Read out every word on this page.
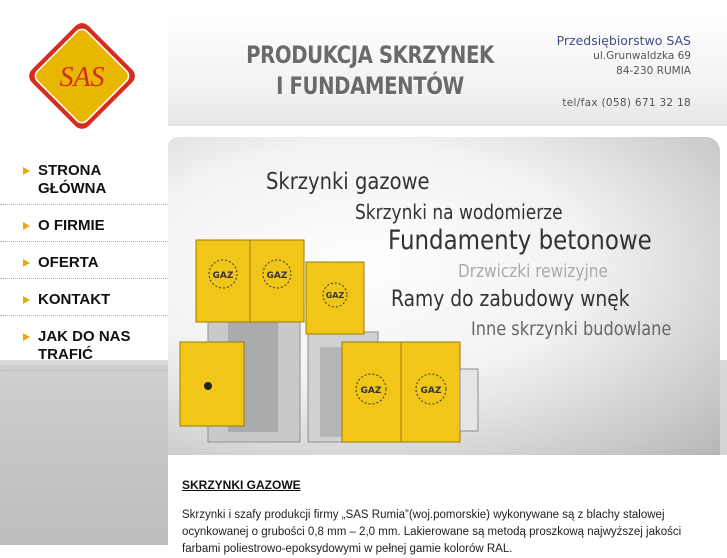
SAS
PRODUKCJA SKRZYNEK
I FUNDAMENTÓW
Przedsiębiorstwo SAS
ul.Grunwaldzka 69
84-230 RUMIA
tel/fax (058) 671 32 18
STRONA GŁÓWNA
O FIRMIE
OFERTA
KONTAKT
JAK DO NAS TRAFIĆ
Skrzynki gazowe
Skrzynki na wodomierze
Fundamenty betonowe
Drzwiczki rewizyjne
Ramy do zabudowy wnęk
Inne skrzynki budowlane
GAZ	GAZ
GAZ
GAZ	GAZ
SKRZYNKI GAZOWE

Skrzynki i szafy produkcji firmy „SAS Rumia”(woj.pomorskie) wykonywane są z blachy stalowej ocynkowanej o grubości 0,8 mm – 2,0 mm. Lakierowane są metodą proszkową najwyższej jakości farbami poliestrowo-epoksydowymi w pełnej gamie kolorów RAL.
